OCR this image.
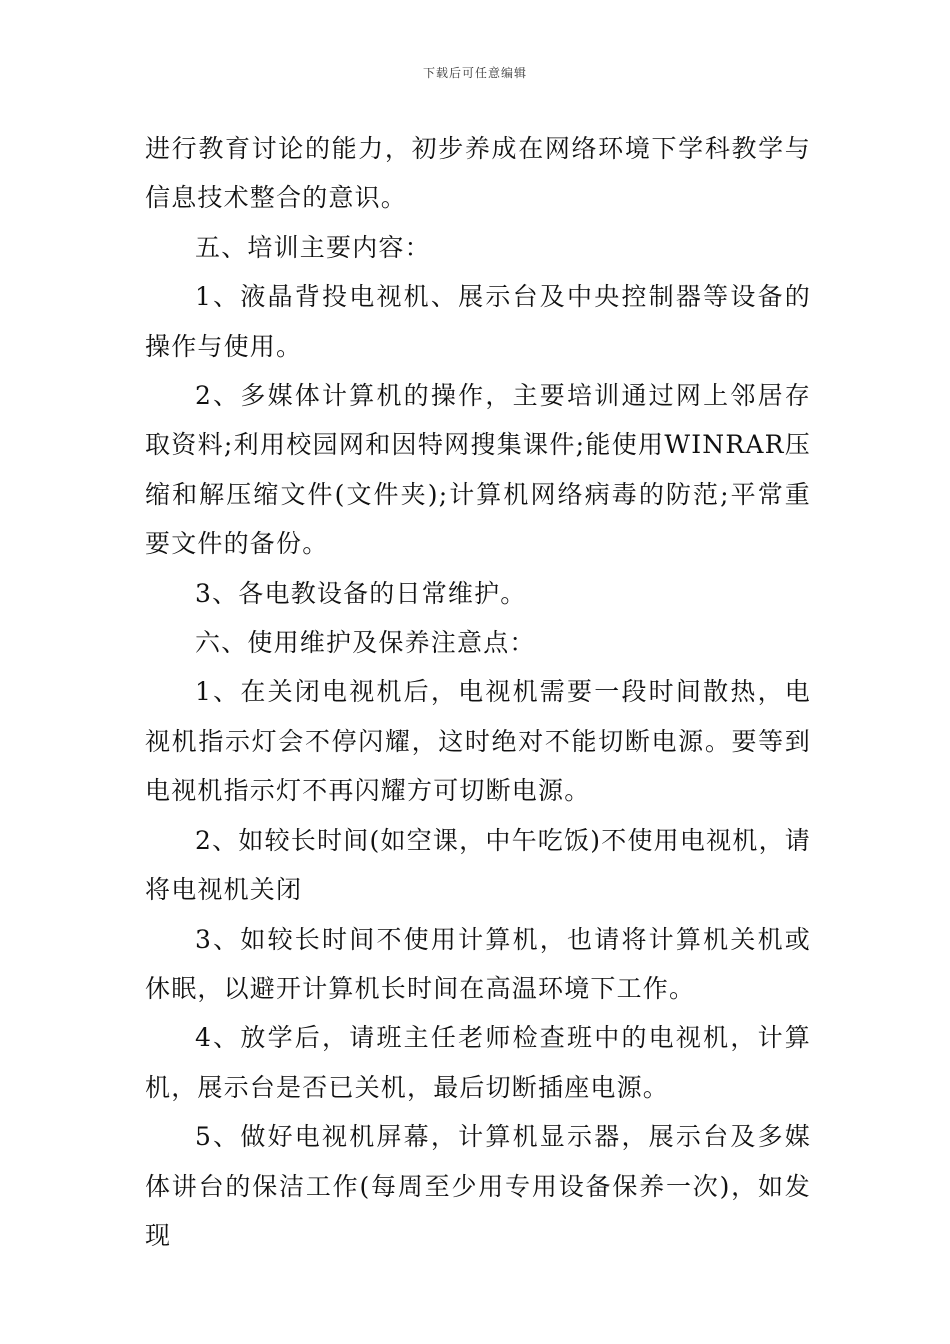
下载后可任意编辑

进行教育讨论的能力，初步养成在网络环境下学科教学与信息技术整合的意识。

五、培训主要内容：

1、液晶背投电视机、展示台及中央控制器等设备的操作与使用。

2、多媒体计算机的操作，主要培训通过网上邻居存取资料;利用校园网和因特网搜集课件;能使用WINRAR压缩和解压缩文件(文件夹);计算机网络病毒的防范;平常重要文件的备份。

3、各电教设备的日常维护。

六、使用维护及保养注意点：

1、在关闭电视机后，电视机需要一段时间散热，电视机指示灯会不停闪耀，这时绝对不能切断电源。要等到电视机指示灯不再闪耀方可切断电源。

2、如较长时间(如空课，中午吃饭)不使用电视机，请将电视机关闭

3、如较长时间不使用计算机，也请将计算机关机或休眠，以避开计算机长时间在高温环境下工作。

4、放学后，请班主任老师检查班中的电视机，计算机，展示台是否已关机，最后切断插座电源。

5、做好电视机屏幕，计算机显示器，展示台及多媒体讲台的保洁工作(每周至少用专用设备保养一次)，如发现
